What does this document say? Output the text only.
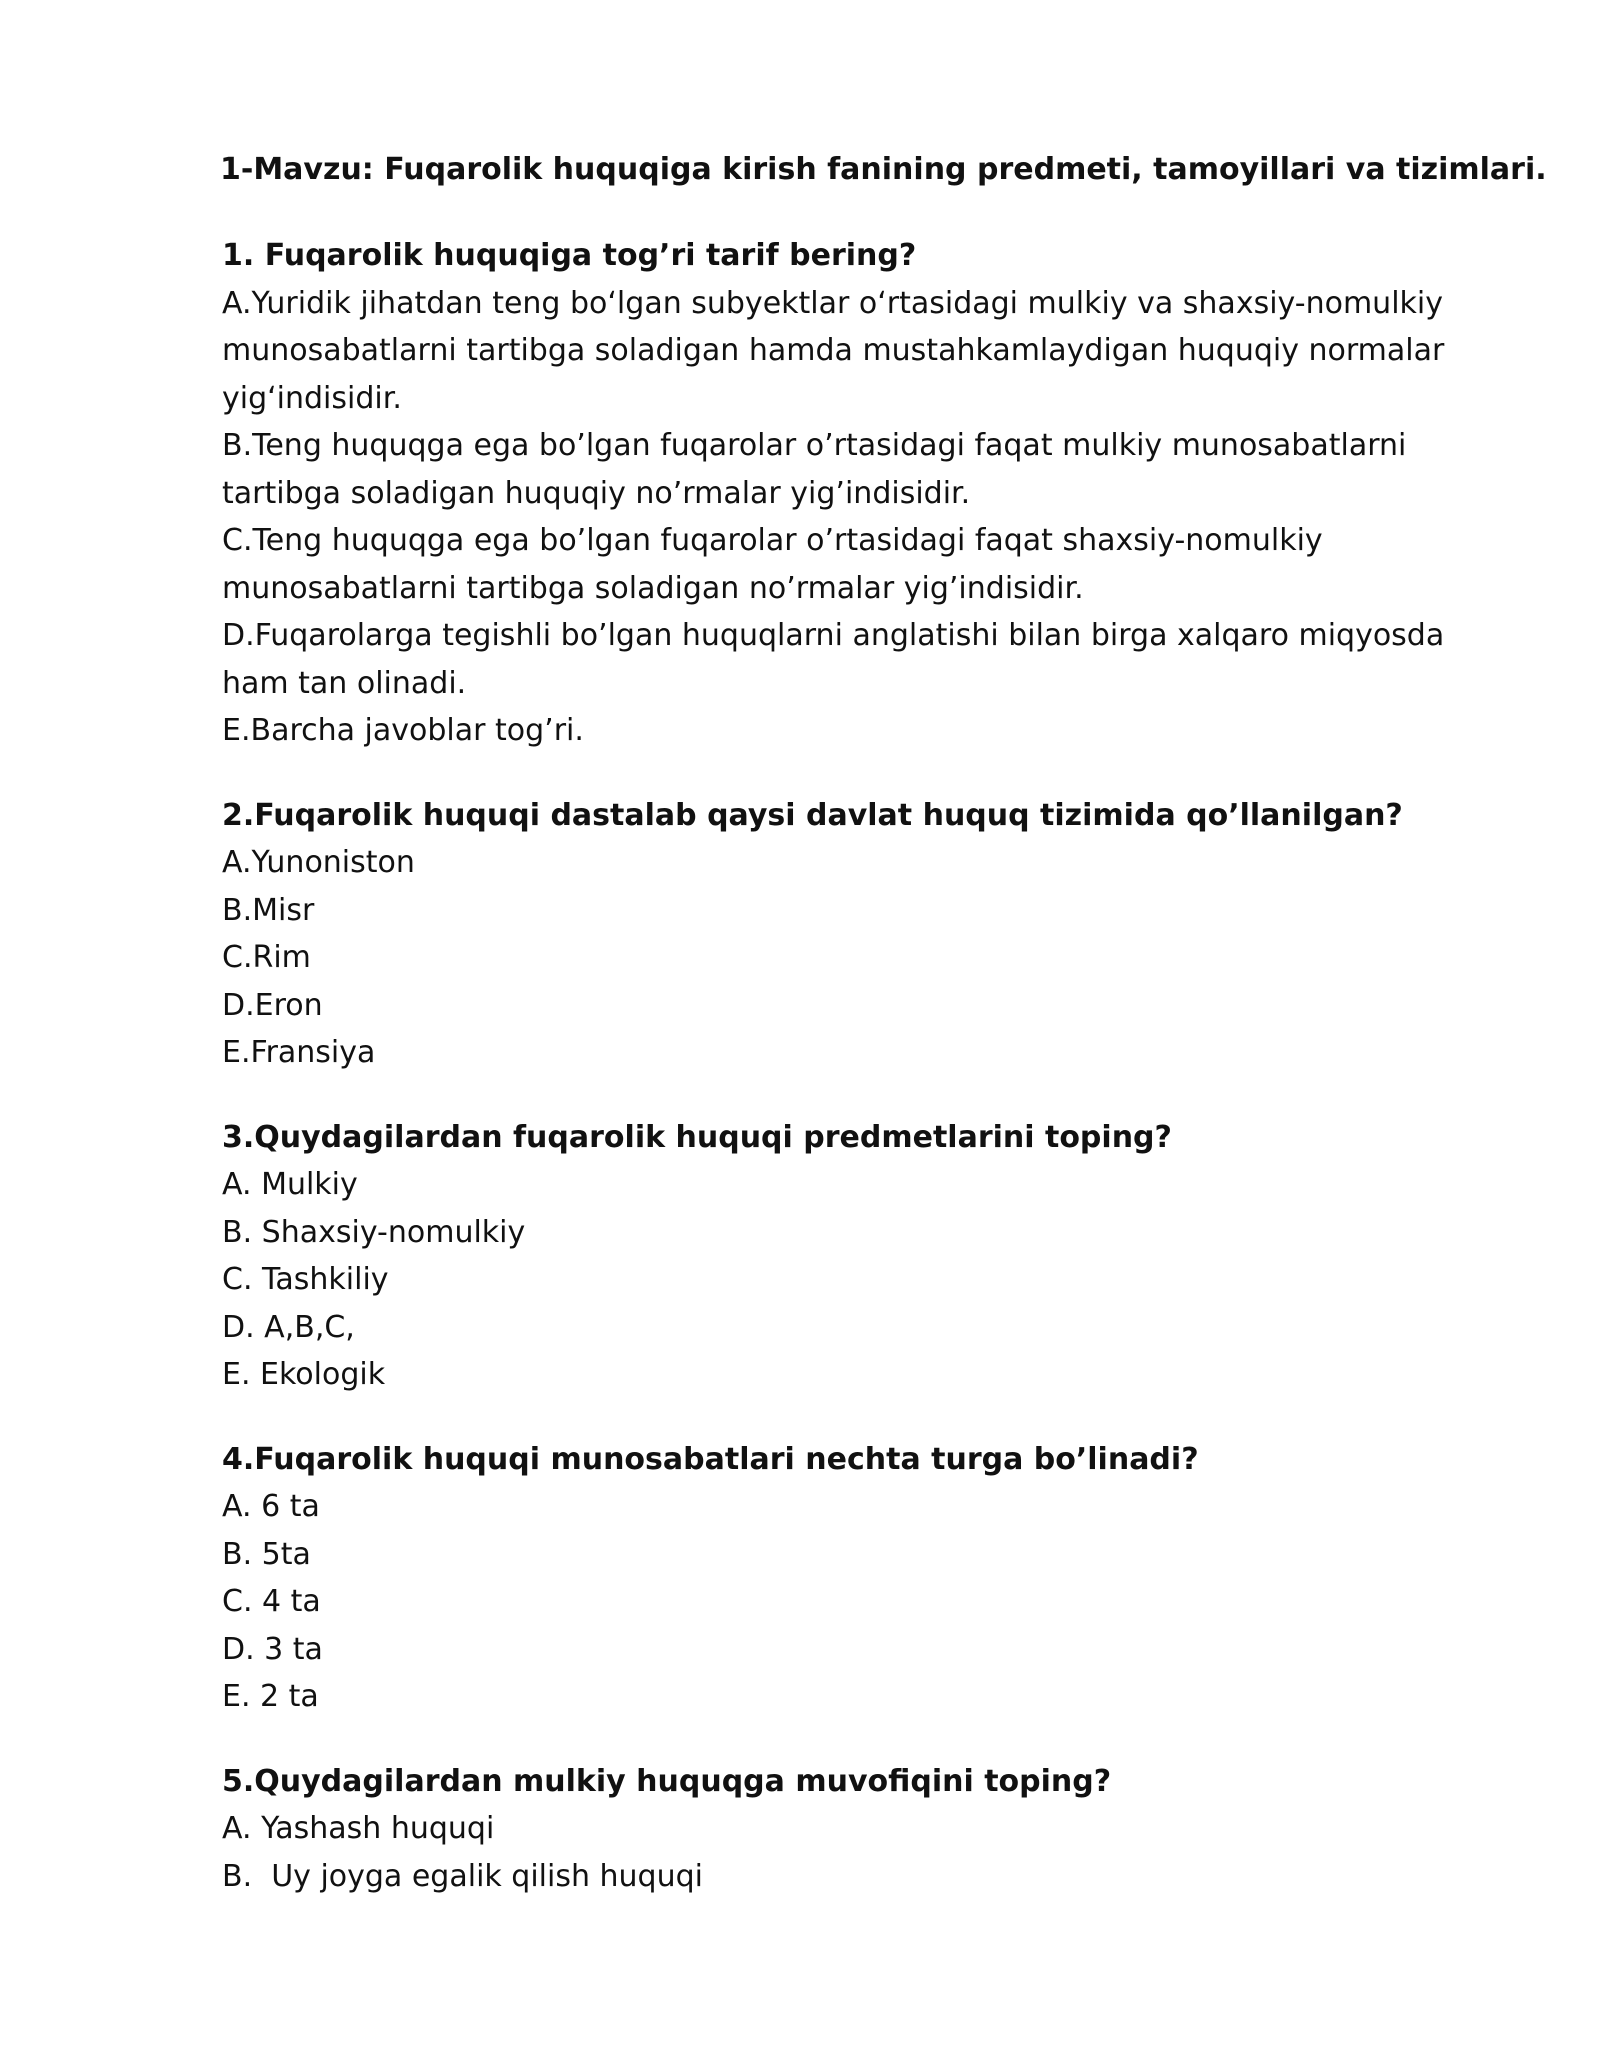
1-Mavzu: Fuqarolik huquqiga kirish fanining predmeti, tamoyillari va tizimlari.

1. Fuqarolik huquqiga tog’ri tarif bering?

A.Yuridik jihatdan teng bo‘lgan subyektlar o‘rtasidagi mulkiy va shaxsiy-nomulkiy munosabatlarni tartibga soladigan hamda mustahkamlaydigan huquqiy normalar yig‘indisidir.
B.Teng huquqga ega bo’lgan fuqarolar o’rtasidagi faqat mulkiy munosabatlarni tartibga soladigan huquqiy no’rmalar yig’indisidir.
C.Teng huquqga ega bo’lgan fuqarolar o’rtasidagi faqat shaxsiy-nomulkiy munosabatlarni tartibga soladigan no’rmalar yig’indisidir.
D.Fuqarolarga tegishli bo’lgan huquqlarni anglatishi bilan birga xalqaro miqyosda ham tan olinadi.
E.Barcha javoblar tog’ri.

2.Fuqarolik huquqi dastalab qaysi davlat huquq tizimida qo’llanilgan?

A.Yunoniston
B.Misr
C.Rim
D.Eron
E.Fransiya

3.Quydagilardan fuqarolik huquqi predmetlarini toping?

A. Mulkiy
B. Shaxsiy-nomulkiy
C. Tashkiliy
D. A,B,C,
E. Ekologik

4.Fuqarolik huquqi munosabatlari nechta turga bo’linadi?

A. 6 ta
B. 5ta
C. 4 ta
D. 3 ta
E. 2 ta

5.Quydagilardan mulkiy huquqga muvofiqini toping?

A. Yashash huquqi
B.  Uy joyga egalik qilish huquqi
